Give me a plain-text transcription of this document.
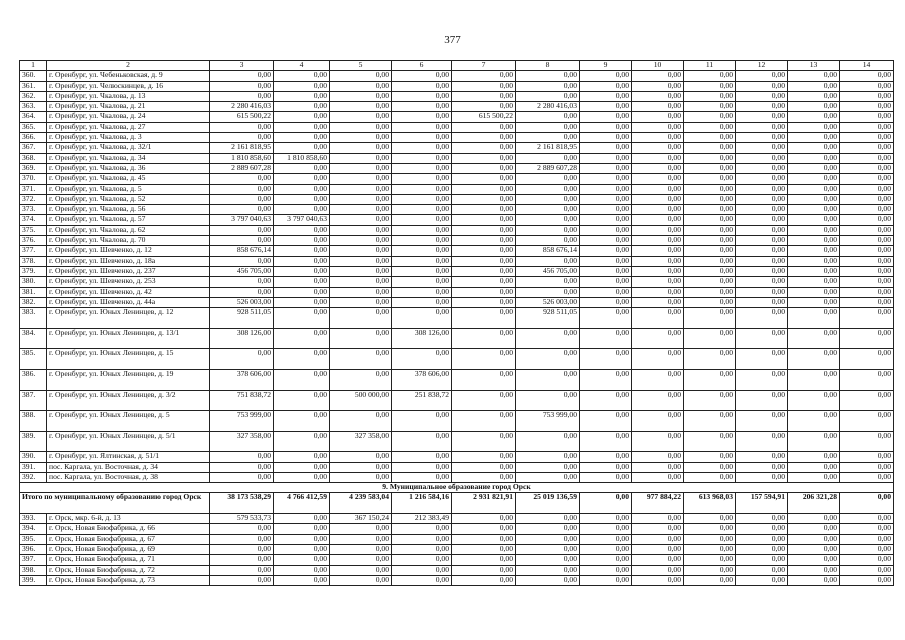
377
1	2	3	4	5	6	7	8	9	10	11	12	13	14
360.	г. Оренбург, ул. Чебеньковская, д. 9	0,00	0,00	0,00	0,00	0,00	0,00	0,00	0,00	0,00	0,00	0,00	0,00
361.	г. Оренбург, ул. Челюскинцев, д. 16	0,00	0,00	0,00	0,00	0,00	0,00	0,00	0,00	0,00	0,00	0,00	0,00
362.	г. Оренбург, ул. Чкалова, д. 13	0,00	0,00	0,00	0,00	0,00	0,00	0,00	0,00	0,00	0,00	0,00	0,00
363.	г. Оренбург, ул. Чкалова, д. 21	2 280 416,03	0,00	0,00	0,00	0,00	2 280 416,03	0,00	0,00	0,00	0,00	0,00	0,00
364.	г. Оренбург, ул. Чкалова, д. 24	615 500,22	0,00	0,00	0,00	615 500,22	0,00	0,00	0,00	0,00	0,00	0,00	0,00
365.	г. Оренбург, ул. Чкалова, д. 27	0,00	0,00	0,00	0,00	0,00	0,00	0,00	0,00	0,00	0,00	0,00	0,00
366.	г. Оренбург, ул. Чкалова, д. 3	0,00	0,00	0,00	0,00	0,00	0,00	0,00	0,00	0,00	0,00	0,00	0,00
367.	г. Оренбург, ул. Чкалова, д. 32/1	2 161 818,95	0,00	0,00	0,00	0,00	2 161 818,95	0,00	0,00	0,00	0,00	0,00	0,00
368.	г. Оренбург, ул. Чкалова, д. 34	1 810 858,60	1 810 858,60	0,00	0,00	0,00	0,00	0,00	0,00	0,00	0,00	0,00	0,00
369.	г. Оренбург, ул. Чкалова, д. 36	2 889 607,28	0,00	0,00	0,00	0,00	2 889 607,28	0,00	0,00	0,00	0,00	0,00	0,00
370.	г. Оренбург, ул. Чкалова, д. 45	0,00	0,00	0,00	0,00	0,00	0,00	0,00	0,00	0,00	0,00	0,00	0,00
371.	г. Оренбург, ул. Чкалова, д. 5	0,00	0,00	0,00	0,00	0,00	0,00	0,00	0,00	0,00	0,00	0,00	0,00
372.	г. Оренбург, ул. Чкалова, д. 52	0,00	0,00	0,00	0,00	0,00	0,00	0,00	0,00	0,00	0,00	0,00	0,00
373.	г. Оренбург, ул. Чкалова, д. 56	0,00	0,00	0,00	0,00	0,00	0,00	0,00	0,00	0,00	0,00	0,00	0,00
374.	г. Оренбург, ул. Чкалова, д. 57	3 797 040,63	3 797 040,63	0,00	0,00	0,00	0,00	0,00	0,00	0,00	0,00	0,00	0,00
375.	г. Оренбург, ул. Чкалова, д. 62	0,00	0,00	0,00	0,00	0,00	0,00	0,00	0,00	0,00	0,00	0,00	0,00
376.	г. Оренбург, ул. Чкалова, д. 70	0,00	0,00	0,00	0,00	0,00	0,00	0,00	0,00	0,00	0,00	0,00	0,00
377.	г. Оренбург, ул. Шевченко, д. 12	858 676,14	0,00	0,00	0,00	0,00	858 676,14	0,00	0,00	0,00	0,00	0,00	0,00
378.	г. Оренбург, ул. Шевченко, д. 18а	0,00	0,00	0,00	0,00	0,00	0,00	0,00	0,00	0,00	0,00	0,00	0,00
379.	г. Оренбург, ул. Шевченко, д. 237	456 705,00	0,00	0,00	0,00	0,00	456 705,00	0,00	0,00	0,00	0,00	0,00	0,00
380.	г. Оренбург, ул. Шевченко, д. 253	0,00	0,00	0,00	0,00	0,00	0,00	0,00	0,00	0,00	0,00	0,00	0,00
381.	г. Оренбург, ул. Шевченко, д. 42	0,00	0,00	0,00	0,00	0,00	0,00	0,00	0,00	0,00	0,00	0,00	0,00
382.	г. Оренбург, ул. Шевченко, д. 44а	526 003,00	0,00	0,00	0,00	0,00	526 003,00	0,00	0,00	0,00	0,00	0,00	0,00
383.	г. Оренбург, ул. Юных Ленинцев, д. 12	928 511,05	0,00	0,00	0,00	0,00	928 511,05	0,00	0,00	0,00	0,00	0,00	0,00
384.	г. Оренбург, ул. Юных Ленинцев, д. 13/1	308 126,00	0,00	0,00	308 126,00	0,00	0,00	0,00	0,00	0,00	0,00	0,00	0,00
385.	г. Оренбург, ул. Юных Ленинцев, д. 15	0,00	0,00	0,00	0,00	0,00	0,00	0,00	0,00	0,00	0,00	0,00	0,00
386.	г. Оренбург, ул. Юных Ленинцев, д. 19	378 606,00	0,00	0,00	378 606,00	0,00	0,00	0,00	0,00	0,00	0,00	0,00	0,00
387.	г. Оренбург, ул. Юных Ленинцев, д. 3/2	751 838,72	0,00	500 000,00	251 838,72	0,00	0,00	0,00	0,00	0,00	0,00	0,00	0,00
388.	г. Оренбург, ул. Юных Ленинцев, д. 5	753 999,00	0,00	0,00	0,00	0,00	753 999,00	0,00	0,00	0,00	0,00	0,00	0,00
389.	г. Оренбург, ул. Юных Ленинцев, д. 5/1	327 358,00	0,00	327 358,00	0,00	0,00	0,00	0,00	0,00	0,00	0,00	0,00	0,00
390.	г. Оренбург, ул. Ялтинская, д. 51/1	0,00	0,00	0,00	0,00	0,00	0,00	0,00	0,00	0,00	0,00	0,00	0,00
391.	пос. Каргала, ул. Восточная, д. 34	0,00	0,00	0,00	0,00	0,00	0,00	0,00	0,00	0,00	0,00	0,00	0,00
392.	пос. Каргала, ул. Восточная, д. 38	0,00	0,00	0,00	0,00	0,00	0,00	0,00	0,00	0,00	0,00	0,00	0,00
9. Муниципальное образование город Орск													
Итого по муниципальному образованию город Орск		38 173 538,29	4 766 412,59	4 239 583,04	1 216 584,16	2 931 821,91	25 019 136,59	0,00	977 884,22	613 968,03	157 594,91	206 321,28	0,00
393.	г. Орск, мкр. 6-й, д. 13	579 533,73	0,00	367 150,24	212 383,49	0,00	0,00	0,00	0,00	0,00	0,00	0,00	0,00
394.	г. Орск, Новая Биофабрика, д. 66	0,00	0,00	0,00	0,00	0,00	0,00	0,00	0,00	0,00	0,00	0,00	0,00
395.	г. Орск, Новая Биофабрика, д. 67	0,00	0,00	0,00	0,00	0,00	0,00	0,00	0,00	0,00	0,00	0,00	0,00
396.	г. Орск, Новая Биофабрика, д. 69	0,00	0,00	0,00	0,00	0,00	0,00	0,00	0,00	0,00	0,00	0,00	0,00
397.	г. Орск, Новая Биофабрика, д. 71	0,00	0,00	0,00	0,00	0,00	0,00	0,00	0,00	0,00	0,00	0,00	0,00
398.	г. Орск, Новая Биофабрика, д. 72	0,00	0,00	0,00	0,00	0,00	0,00	0,00	0,00	0,00	0,00	0,00	0,00
399.	г. Орск, Новая Биофабрика, д. 73	0,00	0,00	0,00	0,00	0,00	0,00	0,00	0,00	0,00	0,00	0,00	0,00
